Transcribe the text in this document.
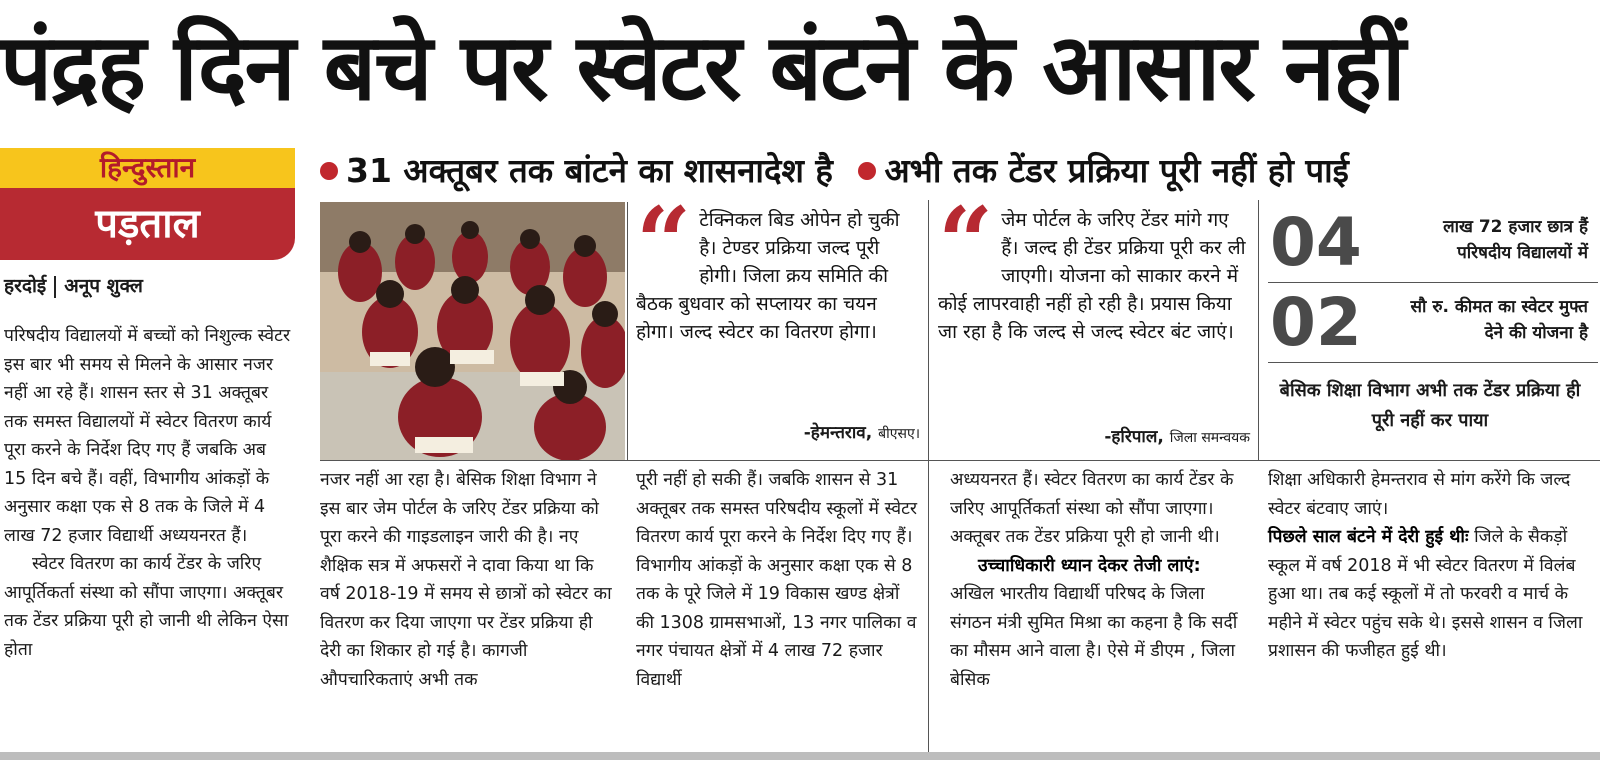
पंद्रह दिन बचे पर स्वेटर बंटने के आसार नहीं
हिन्दुस्तान
पड़ताल
हरदोई अनूप शुक्ल
31 अक्तूबर तक बांटने का शासनादेश है अभी तक टेंडर प्रक्रिया पूरी नहीं हो पाई
“ टेक्निकल बिड ओपेन हो चुकी है। टेण्डर प्रक्रिया जल्द पूरी होगी। जिला क्रय समिति की बैठक बुधवार को सप्लायर का चयन होगा। जल्द स्वेटर का वितरण होगा।
-हेमन्तराव, बीएसए।
“ जेम पोर्टल के जरिए टेंडर मांगे गए हैं। जल्द ही टेंडर प्रक्रिया पूरी कर ली जाएगी। योजना को साकार करने में कोई लापरवाही नहीं हो रही है। प्रयास किया जा रहा है कि जल्द से जल्द स्वेटर बंट जाएं।
-हरिपाल, जिला समन्वयक
04	लाख 72 हजार छात्र हैं परिषदीय विद्यालयों में
02	सौ रु. कीमत का स्वेटर मुफ्त देने की योजना है
बेसिक शिक्षा विभाग अभी तक टेंडर प्रक्रिया ही पूरी नहीं कर पाया

परिषदीय विद्यालयों में बच्चों को निशुल्क स्वेटर इस बार भी समय से मिलने के आसार नजर नहीं आ रहे हैं। शासन स्तर से 31 अक्तूबर तक समस्त विद्यालयों में स्वेटर वितरण कार्य पूरा करने के निर्देश दिए गए हैं जबकि अब 15 दिन बचे हैं। वहीं, विभागीय आंकड़ों के अनुसार कक्षा एक से 8 तक के जिले में 4 लाख 72 हजार विद्यार्थी अध्ययनरत हैं।

स्वेटर वितरण का कार्य टेंडर के जरिए आपूर्तिकर्ता संस्था को सौंपा जाएगा। अक्तूबर तक टेंडर प्रक्रिया पूरी हो जानी थी लेकिन ऐसा होता

नजर नहीं आ रहा है। बेसिक शिक्षा विभाग ने इस बार जेम पोर्टल के जरिए टेंडर प्रक्रिया को पूरा करने की गाइडलाइन जारी की है। नए शैक्षिक सत्र में अफसरों ने दावा किया था कि वर्ष 2018-19 में समय से छात्रों को स्वेटर का वितरण कर दिया जाएगा पर टेंडर प्रक्रिया ही देरी का शिकार हो गई है। कागजी औपचारिकताएं अभी तक

पूरी नहीं हो सकी हैं। जबकि शासन से 31 अक्तूबर तक समस्त परिषदीय स्कूलों में स्वेटर वितरण कार्य पूरा करने के निर्देश दिए गए हैं। विभागीय आंकड़ों के अनुसार कक्षा एक से 8 तक के पूरे जिले में 19 विकास खण्ड क्षेत्रों की 1308 ग्रामसभाओं, 13 नगर पालिका व नगर पंचायत क्षेत्रों में 4 लाख 72 हजार विद्यार्थी

अध्ययनरत हैं। स्वेटर वितरण का कार्य टेंडर के जरिए आपूर्तिकर्ता संस्था को सौंपा जाएगा। अक्तूबर तक टेंडर प्रक्रिया पूरी हो जानी थी।

उच्चाधिकारी ध्यान देकर तेजी लाएं: अखिल भारतीय विद्यार्थी परिषद के जिला संगठन मंत्री सुमित मिश्रा का कहना है कि सर्दी का मौसम आने वाला है। ऐसे में डीएम , जिला बेसिक

शिक्षा अधिकारी हेमन्तराव से मांग करेंगे कि जल्द स्वेटर बंटवाए जाएं।

पिछले साल बंटने में देरी हुई थीः जिले के सैकड़ों स्कूल में वर्ष 2018 में भी स्वेटर वितरण में विलंब हुआ था। तब कई स्कूलों में तो फरवरी व मार्च के महीने में स्वेटर पहुंच सके थे। इससे शासन व जिला प्रशासन की फजीहत हुई थी।
